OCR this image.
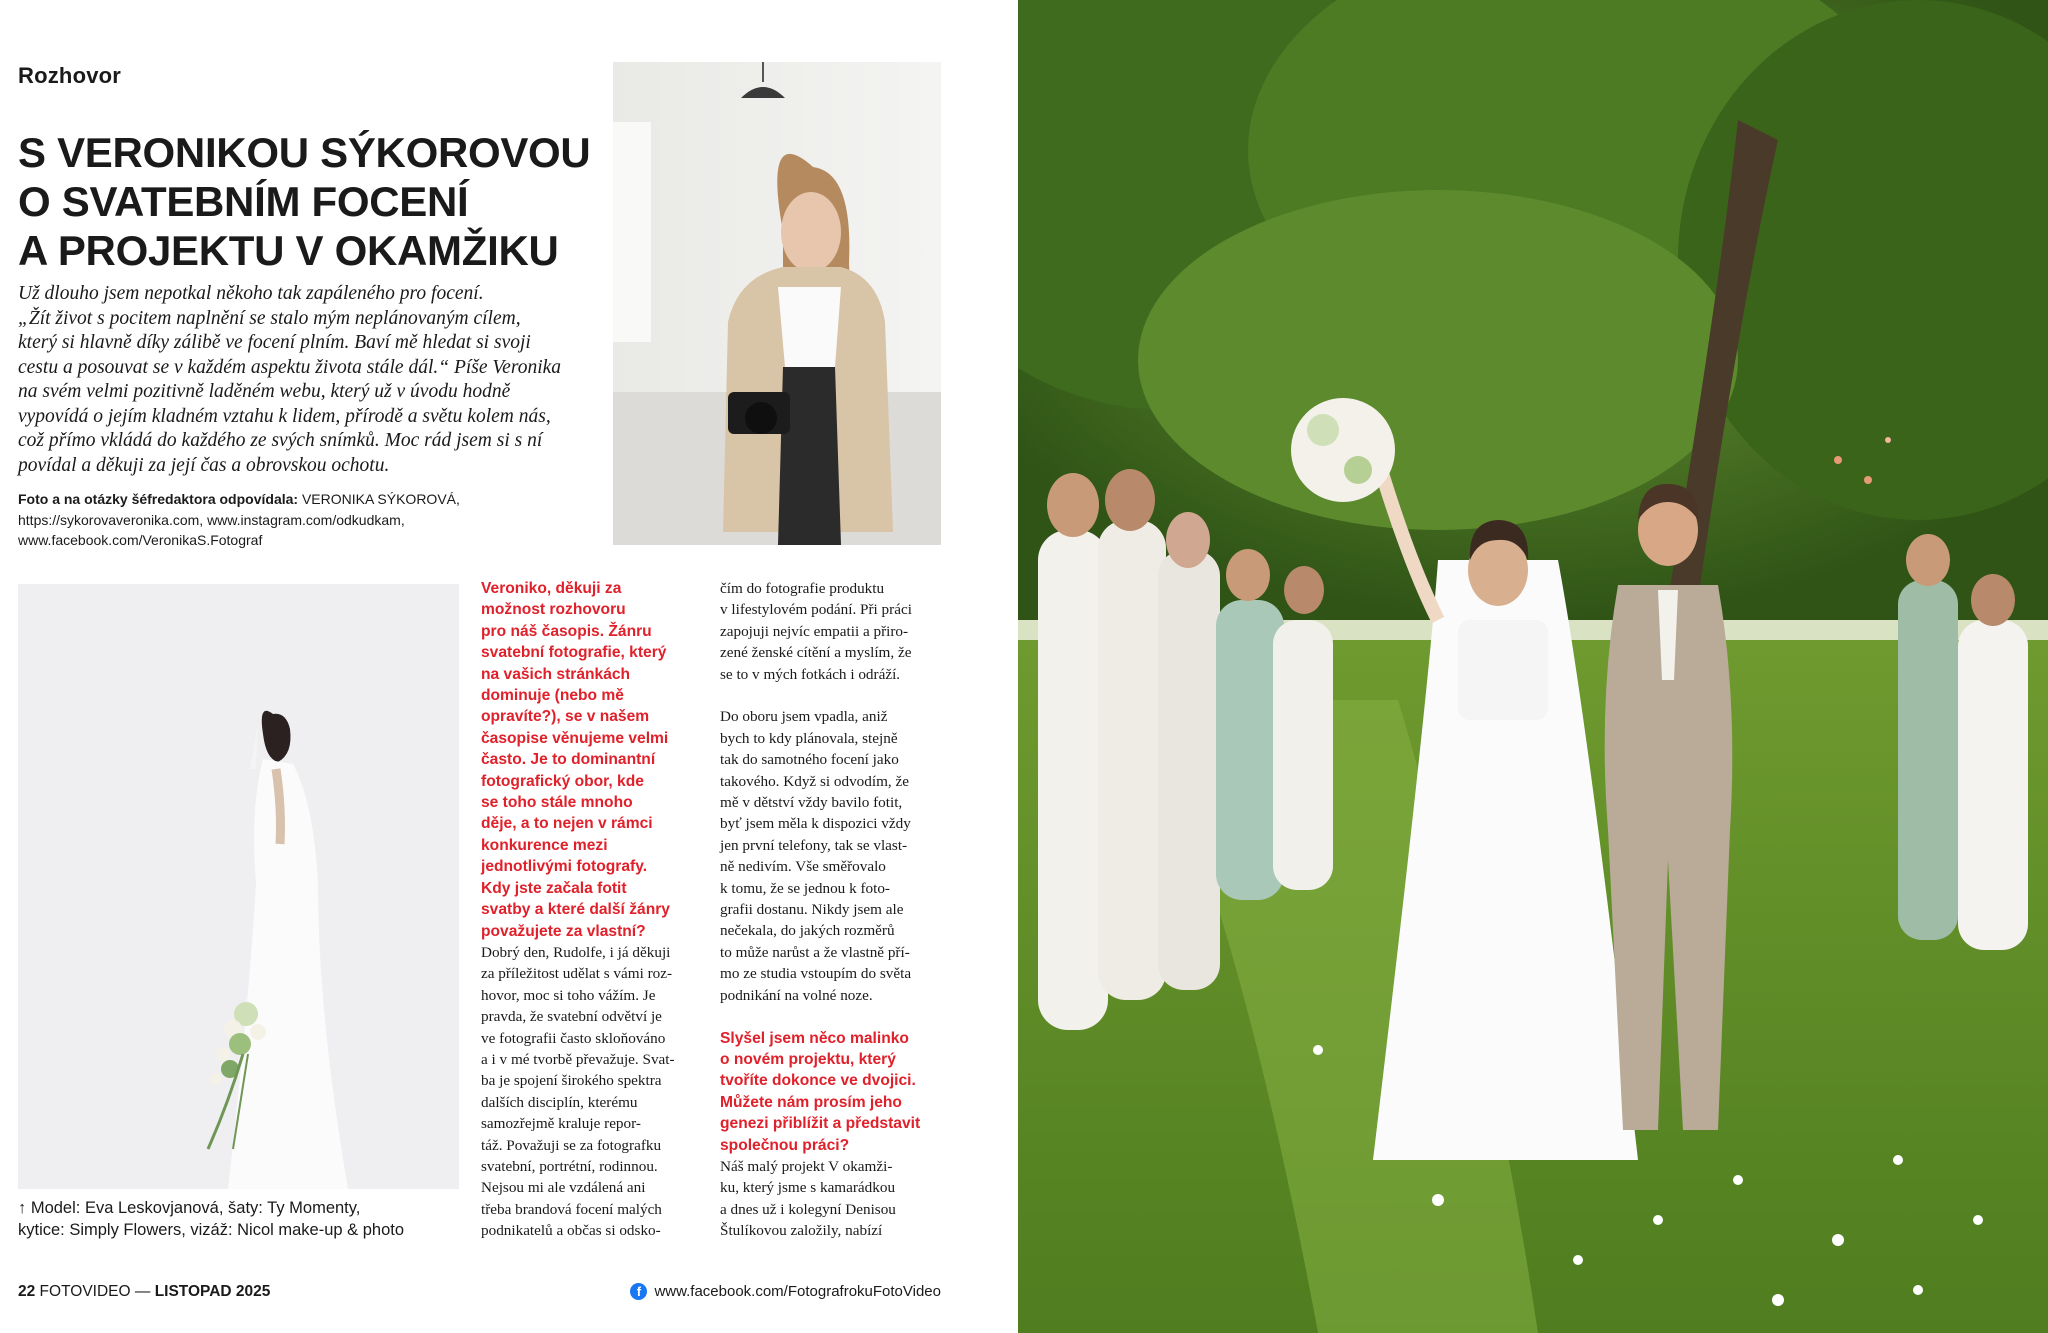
Rozhovor
S VERONIKOU SÝKOROVOU
O SVATEBNÍM FOCENÍ
A PROJEKTU V OKAMŽIKU
Už dlouho jsem nepotkal někoho tak zapáleného pro focení.
„Žít život s pocitem naplnění se stalo mým neplánovaným cílem,
který si hlavně díky zálibě ve focení plním. Baví mě hledat si svoji
cestu a posouvat se v každém aspektu života stále dál.“ Píše Veronika
na svém velmi pozitivně laděném webu, který už v úvodu hodně
vypovídá o jejím kladném vztahu k lidem, přírodě a světu kolem nás,
což přímo vkládá do každého ze svých snímků. Moc rád jsem si s ní
povídal a děkuji za její čas a obrovskou ochotu.
Foto a na otázky šéfredaktora odpovídala: VERONIKA SÝKOROVÁ,
https://sykorovaveronika.com, www.instagram.com/odkudkam,
www.facebook.com/VeronikaS.Fotograf
↑ Model: Eva Leskovjanová, šaty: Ty Momenty,
kytice: Simply Flowers, vizáž: Nicol make-up & photo
Veroniko, děkuji za
možnost rozhovoru
pro náš časopis. Žánru
svatební fotografie, který
na vašich stránkách
dominuje (nebo mě
opravíte?), se v našem
časopise věnujeme velmi
často. Je to dominantní
fotografický obor, kde
se toho stále mnoho
děje, a to nejen v rámci
konkurence mezi
jednotlivými fotografy.
Kdy jste začala fotit
svatby a které další žánry
považujete za vlastní?
Dobrý den, Rudolfe, i já děkuji
za příležitost udělat s vámi roz-
hovor, moc si toho vážím. Je
pravda, že svatební odvětví je
ve fotografii často skloňováno
a i v mé tvorbě převažuje. Svat-
ba je spojení širokého spektra
dalších disciplín, kterému
samozřejmě kraluje repor-
táž. Považuji se za fotografku
svatební, portrétní, rodinnou.
Nejsou mi ale vzdálená ani
třeba brandová focení malých
podnikatelů a občas si odsko-
čím do fotografie produktu
v lifestylovém podání. Při práci
zapojuji nejvíc empatii a přiro-
zené ženské cítění a myslím, že
se to v mých fotkách i odráží.
Do oboru jsem vpadla, aniž
bych to kdy plánovala, stejně
tak do samotného focení jako
takového. Když si odvodím, že
mě v dětství vždy bavilo fotit,
byť jsem měla k dispozici vždy
jen první telefony, tak se vlast-
ně nedivím. Vše směřovalo
k tomu, že se jednou k foto-
grafii dostanu. Nikdy jsem ale
nečekala, do jakých rozměrů
to může narůst a že vlastně pří-
mo ze studia vstoupím do světa
podnikání na volné noze.
Slyšel jsem něco malinko
o novém projektu, který
tvoříte dokonce ve dvojici.
Můžete nám prosím jeho
genezi přiblížit a představit
společnou práci?
Náš malý projekt V okamži-
ku, který jsme s kamarádkou
a dnes už i kolegyní Denisou
Štulíkovou založily, nabízí
22 FOTOVIDEO — LISTOPAD 2025	f www.facebook.com/FotografrokuFotoVideo
